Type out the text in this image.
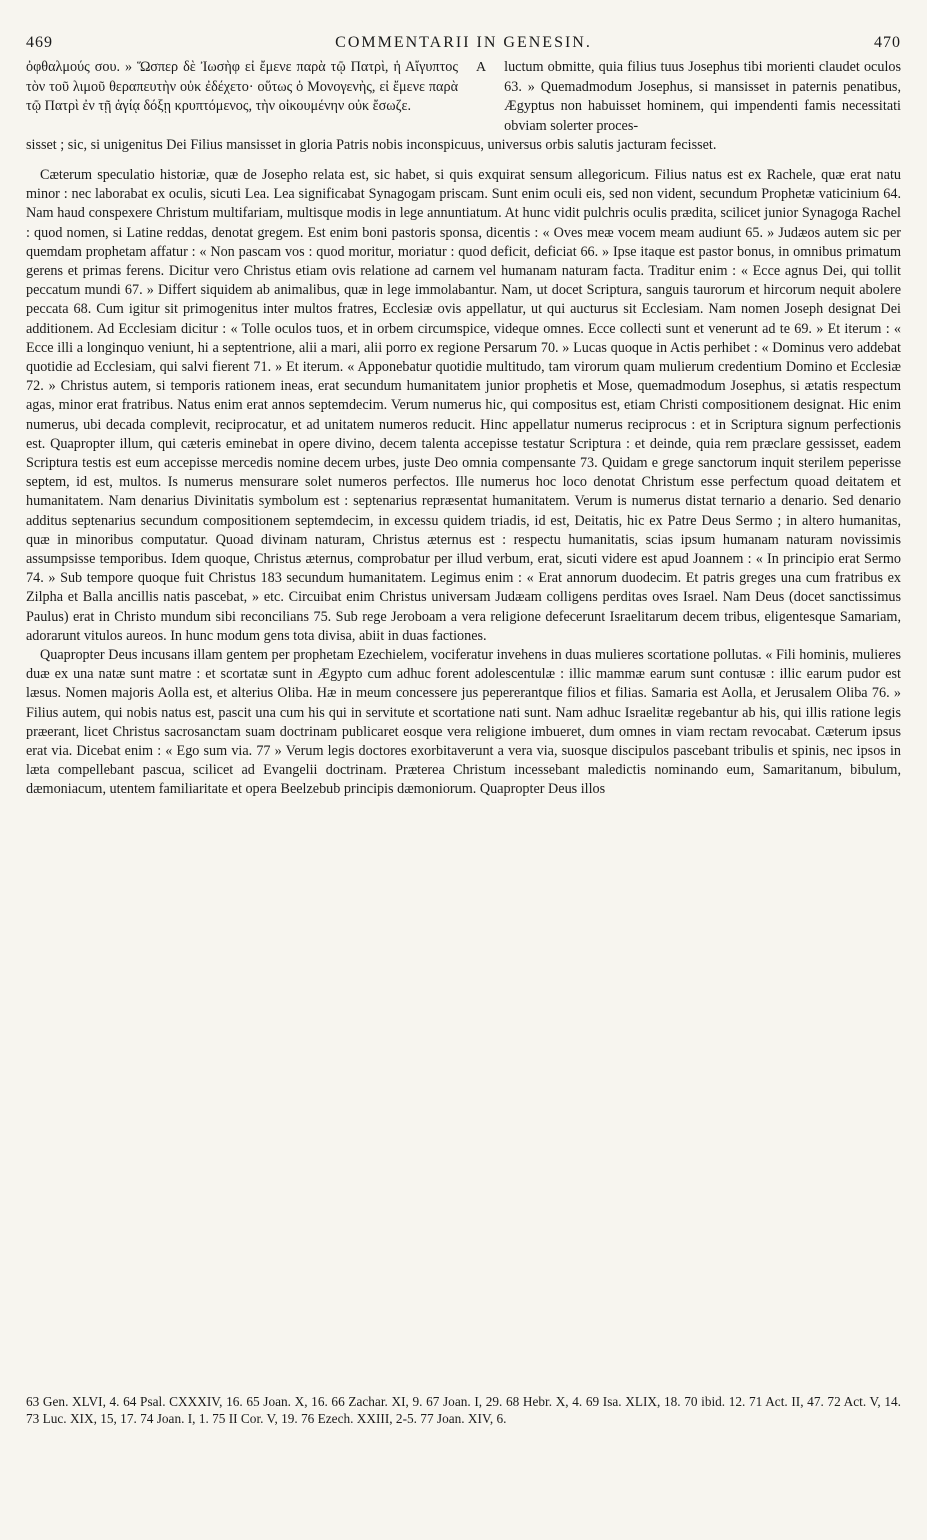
469	COMMENTARII IN GENESIN.	470
ὀφθαλμούς σου. » Ὥσπερ δὲ Ἰωσὴφ εἰ ἔμενε παρὰ τῷ Πατρὶ, ἡ Αἴγυπτος τὸν τοῦ λιμοῦ θεραπευτὴν οὐκ ἐδέχετο· οὕτως ὁ Μονογενὴς, εἰ ἔμενε παρὰ τῷ Πατρὶ ἐν τῇ ἁγίᾳ δόξῃ κρυπτόμενος, τὴν οἰκουμένην οὐκ ἔσωζε.
A luctum obmitte, quia filius tuus Josephus tibi morienti claudet oculos 63. » Quemadmodum Josephus, si mansisset in paternis penatibus, Ægyptus non habuisset hominem, qui impendenti famis necessitati obviam solerter proces-
sisset ; sic, si unigenitus Dei Filius mansisset in gloria Patris nobis inconspicuus, universus orbis salutis jacturam fecisset.

Cæterum speculatio historiæ, quæ de Josepho relata est, sic habet, si quis exquirat sensum allegoricum. Filius natus est ex Rachele, quæ erat natu minor : nec laborabat ex oculis, sicuti Lea. Lea significabat Synagogam priscam. Sunt enim oculi eis, sed non vident, secundum Prophetæ vaticinium 64. Nam haud conspexere Christum multifariam, multisque modis in lege annuntiatum. At hunc vidit pulchris oculis prædita, scilicet junior Synagoga Rachel : quod nomen, si Latine reddas, denotat gregem. Est enim boni pastoris sponsa, dicentis : « Oves meæ vocem meam audiunt 65. » Judæos autem sic per quemdam prophetam affatur : « Non pascam vos : quod moritur, moriatur : quod deficit, deficiat 66. » Ipse itaque est pastor bonus, in omnibus primatum gerens et primas ferens. Dicitur vero Christus etiam ovis relatione ad carnem vel humanam naturam facta. Traditur enim : « Ecce agnus Dei, qui tollit peccatum mundi 67. » Differt siquidem ab animalibus, quæ in lege immolabantur. Nam, ut docet Scriptura, sanguis taurorum et hircorum nequit abolere peccata 68. Cum igitur sit primogenitus inter multos fratres, Ecclesiæ ovis appellatur, ut qui aucturus sit Ecclesiam. Nam nomen Joseph designat Dei additionem. Ad Ecclesiam dicitur : « Tolle oculos tuos, et in orbem circumspice, videque omnes. Ecce collecti sunt et venerunt ad te 69. » Et iterum : « Ecce illi a longinquo veniunt, hi a septentrione, alii a mari, alii porro ex regione Persarum 70. » Lucas quoque in Actis perhibet : « Dominus vero addebat quotidie ad Ecclesiam, qui salvi fierent 71. » Et iterum. « Apponebatur quotidie multitudo, tam virorum quam mulierum credentium Domino et Ecclesiæ 72. » Christus autem, si temporis rationem ineas, erat secundum humanitatem junior prophetis et Mose, quemadmodum Josephus, si ætatis respectum agas, minor erat fratribus. Natus enim erat annos septemdecim. Verum numerus hic, qui compositus est, etiam Christi compositionem designat. Hic enim numerus, ubi decada complevit, reciprocatur, et ad unitatem numeros reducit. Hinc appellatur numerus reciprocus : et in Scriptura signum perfectionis est. Quapropter illum, qui cæteris eminebat in opere divino, decem talenta accepisse testatur Scriptura : et deinde, quia rem præclare gessisset, eadem Scriptura testis est eum accepisse mercedis nomine decem urbes, juste Deo omnia compensante 73. Quidam e grege sanctorum inquit sterilem peperisse septem, id est, multos. Is numerus mensurare solet numeros perfectos. Ille numerus hoc loco denotat Christum esse perfectum quoad deitatem et humanitatem. Nam denarius Divinitatis symbolum est : septenarius repræsentat humanitatem. Verum is numerus distat ternario a denario. Sed denario additus septenarius secundum compositionem septemdecim, in excessu quidem triadis, id est, Deitatis, hic ex Patre Deus Sermo ; in altero humanitas, quæ in minoribus computatur. Quoad divinam naturam, Christus æternus est : respectu humanitatis, scias ipsum humanam naturam novissimis assumpsisse temporibus. Idem quoque, Christus æternus, comprobatur per illud verbum, erat, sicuti videre est apud Joannem : « In principio erat Sermo 74. » Sub tempore quoque fuit Christus 183 secundum humanitatem. Legimus enim : « Erat annorum duodecim. Et patris greges una cum fratribus ex Zilpha et Balla ancillis natis pascebat, » etc. Circuibat enim Christus universam Judæam colligens perditas oves Israel. Nam Deus (docet sanctissimus Paulus) erat in Christo mundum sibi reconcilians 75. Sub rege Jeroboam a vera religione defecerunt Israelitarum decem tribus, eligentesque Samariam, adorarunt vitulos aureos. In hunc modum gens tota divisa, abiit in duas factiones.

Quapropter Deus incusans illam gentem per prophetam Ezechielem, vociferatur invehens in duas mulieres scortatione pollutas. « Fili hominis, mulieres duæ ex una natæ sunt matre : et scortatæ sunt in Ægypto cum adhuc forent adolescentulæ : illic mammæ earum sunt contusæ : illic earum pudor est læsus. Nomen majoris Aolla est, et alterius Oliba. Hæ in meum concessere jus pepererantque filios et filias. Samaria est Aolla, et Jerusalem Oliba 76. » Filius autem, qui nobis natus est, pascit una cum his qui in servitute et scortatione nati sunt. Nam adhuc Israelitæ regebantur ab his, qui illis ratione legis præerant, licet Christus sacrosanctam suam doctrinam publicaret eosque vera religione imbueret, dum omnes in viam rectam revocabat. Cæterum ipsus erat via. Dicebat enim : « Ego sum via. 77 » Verum legis doctores exorbitaverunt a vera via, suosque discipulos pascebant tribulis et spinis, nec ipsos in læta compellebant pascua, scilicet ad Evangelii doctrinam. Præterea Christum incessebant maledictis nominando eum, Samaritanum, bibulum, dæmoniacum, utentem familiaritate et opera Beelzebub principis dæmoniorum. Quapropter Deus illos

63 Gen. XLVI, 4. 64 Psal. CXXXIV, 16. 65 Joan. X, 16. 66 Zachar. XI, 9. 67 Joan. I, 29. 68 Hebr. X, 4. 69 Isa. XLIX, 18. 70 ibid. 12. 71 Act. II, 47. 72 Act. V, 14. 73 Luc. XIX, 15, 17. 74 Joan. I, 1. 75 II Cor. V, 19. 76 Ezech. XXIII, 2-5. 77 Joan. XIV, 6.
